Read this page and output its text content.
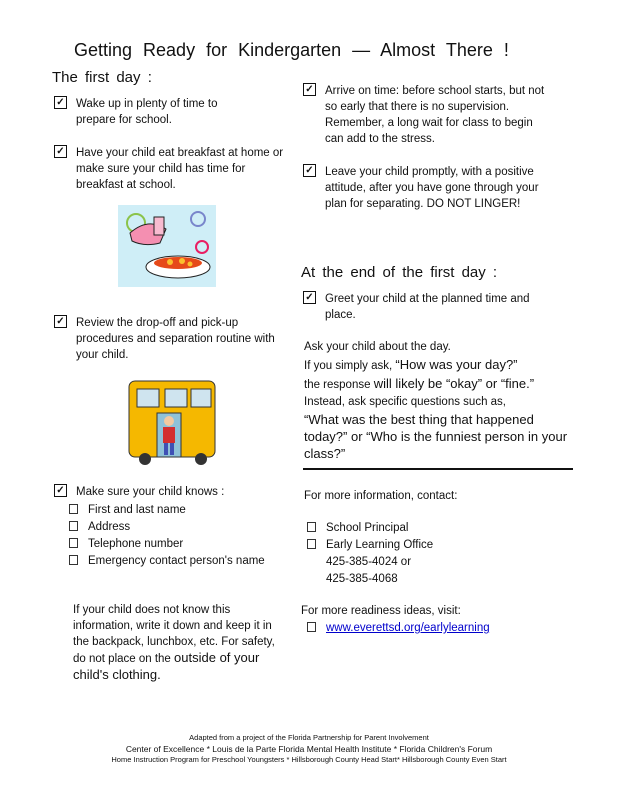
Getting Ready for Kindergarten — Almost There !
The first day :
✓
Wake up in plenty of time to prepare for school.
✓
Have your child eat breakfast at home or make sure your child has time for breakfast at school.
✓
Review the drop-off and pick-up procedures and separation routine with your child.
✓
Make sure your child knows :
First and last name
Address
Telephone number
Emergency contact person's name
If your child does not know this information, write it down and keep it in the backpack, lunchbox, etc. For safety, do not place on the outside of your child's clothing.
✓
Arrive on time: before school starts, but not so early that there is no supervision. Remember, a long wait for class to begin can add to the stress.
✓
Leave your child promptly, with a positive attitude, after you have gone through your plan for separating. DO NOT LINGER!
At the end of the first day :
✓
Greet your child at the planned time and place.
Ask your child about the day.
If you simply ask, “How was your day?”
the response will likely be “okay” or “fine.”
Instead, ask specific questions such as,
“What was the best thing that happened
today?” or “Who is the funniest person in your class?”
For more information, contact:
School Principal
Early Learning Office
425-385-4024 or
425-385-4068
For more readiness ideas, visit:
www.everettsd.org/earlylearning
Adapted from a project of the Florida Partnership for Parent Involvement
Center of Excellence * Louis de la Parte Florida Mental Health Institute * Florida Children's Forum
Home Instruction Program for Preschool Youngsters * Hillsborough County Head Start* Hillsborough County Even Start
